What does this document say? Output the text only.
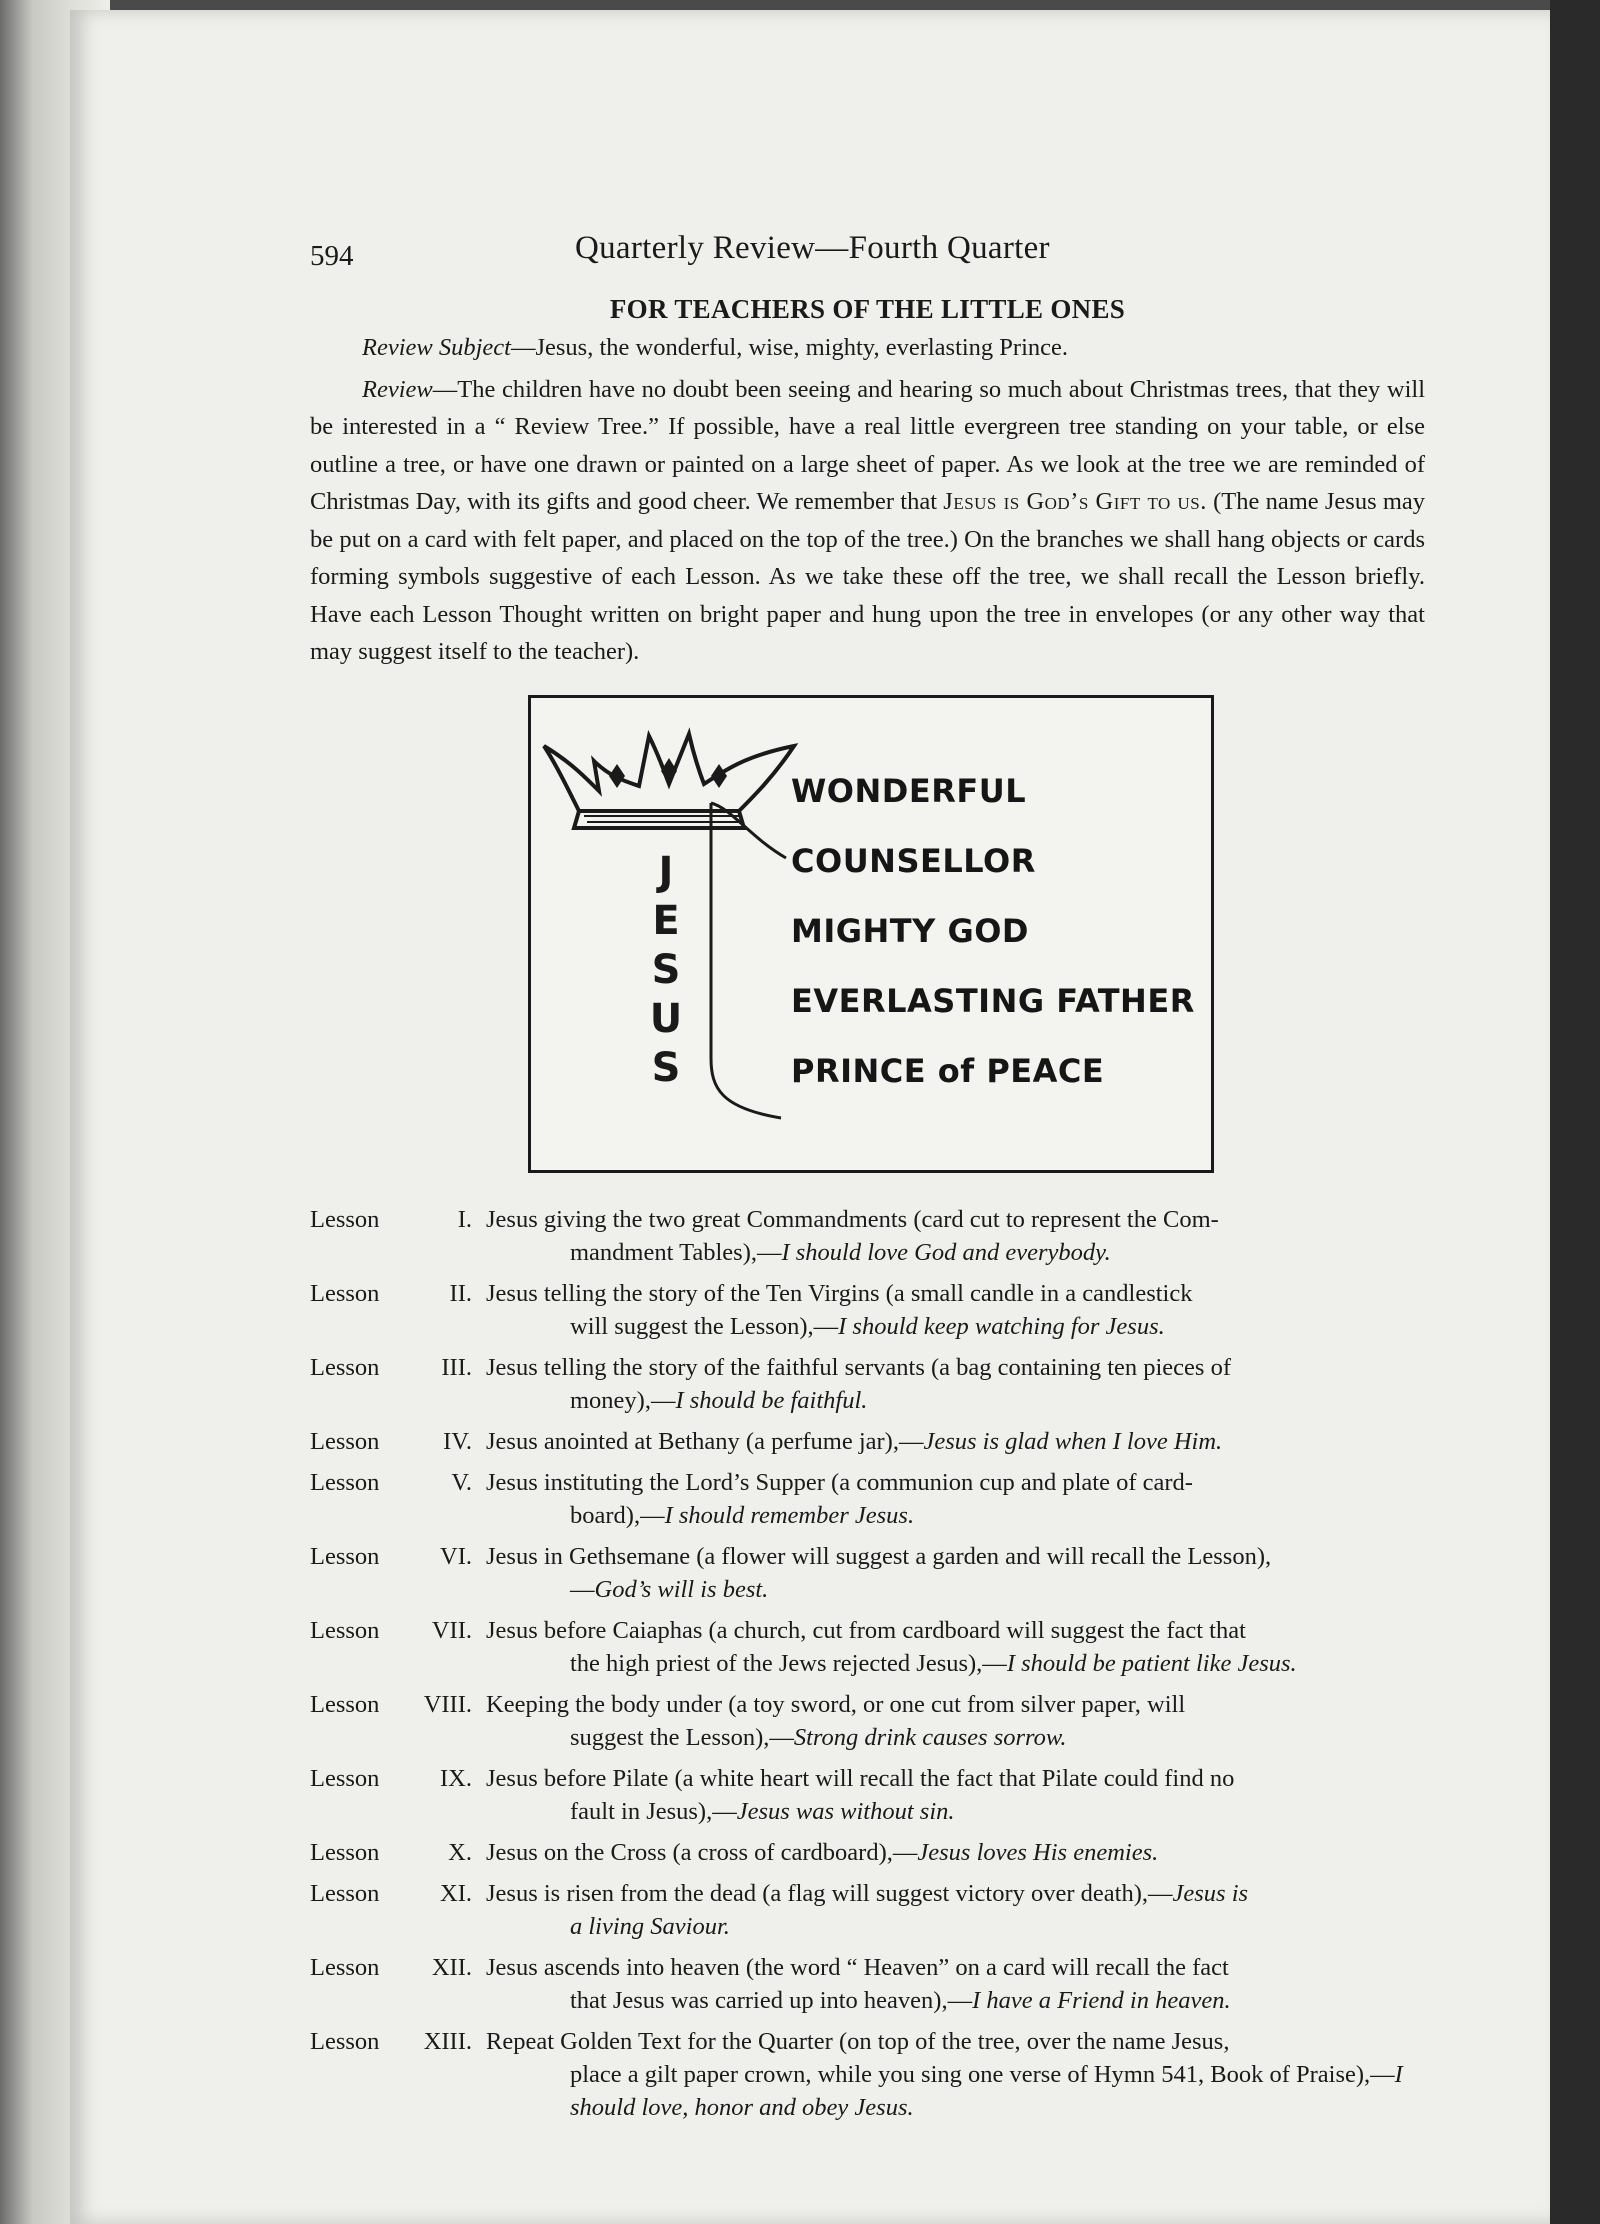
594	Quarterly Review—Fourth Quarter
FOR TEACHERS OF THE LITTLE ONES

Review Subject—Jesus, the wonderful, wise, mighty, everlasting Prince.

Review—The children have no doubt been seeing and hearing so much about Christmas trees, that they will be interested in a “ Review Tree.” If possible, have a real little evergreen tree standing on your table, or else outline a tree, or have one drawn or painted on a large sheet of paper. As we look at the tree we are reminded of Christmas Day, with its gifts and good cheer. We remember that Jesus is God’s Gift to us. (The name Jesus may be put on a card with felt paper, and placed on the top of the tree.) On the branches we shall hang objects or cards forming symbols suggestive of each Lesson. As we take these off the tree, we shall recall the Lesson briefly. Have each Lesson Thought written on bright paper and hung upon the tree in envelopes (or any other way that may suggest itself to the teacher).

J
E
S
U
S
WONDERFUL
COUNSELLOR
MIGHTY GOD
EVERLASTING FATHER
PRINCE of PEACE
Lesson	I. Jesus giving the two great Commandments (card cut to represent the Com-
mandment Tables),—I should love God and everybody.
Lesson	II. Jesus telling the story of the Ten Virgins (a small candle in a candlestick
will suggest the Lesson),—I should keep watching for Jesus.
Lesson	III. Jesus telling the story of the faithful servants (a bag containing ten pieces of
money),—I should be faithful.
Lesson	IV. Jesus anointed at Bethany (a perfume jar),—Jesus is glad when I love Him.
Lesson	V. Jesus instituting the Lord’s Supper (a communion cup and plate of card-
board),—I should remember Jesus.
Lesson	VI. Jesus in Gethsemane (a flower will suggest a garden and will recall the Lesson),
—God’s will is best.
Lesson	VII. Jesus before Caiaphas (a church, cut from cardboard will suggest the fact that
the high priest of the Jews rejected Jesus),—I should be patient like Jesus.
Lesson	VIII. Keeping the body under (a toy sword, or one cut from silver paper, will
suggest the Lesson),—Strong drink causes sorrow.
Lesson	IX. Jesus before Pilate (a white heart will recall the fact that Pilate could find no
fault in Jesus),—Jesus was without sin.
Lesson	X. Jesus on the Cross (a cross of cardboard),—Jesus loves His enemies.
Lesson	XI. Jesus is risen from the dead (a flag will suggest victory over death),—Jesus is
a living Saviour.
Lesson	XII. Jesus ascends into heaven (the word “ Heaven” on a card will recall the fact
that Jesus was carried up into heaven),—I have a Friend in heaven.
Lesson	XIII. Repeat Golden Text for the Quarter (on top of the tree, over the name Jesus,
place a gilt paper crown, while you sing one verse of Hymn 541, Book of Praise),—I should love, honor and obey Jesus.
